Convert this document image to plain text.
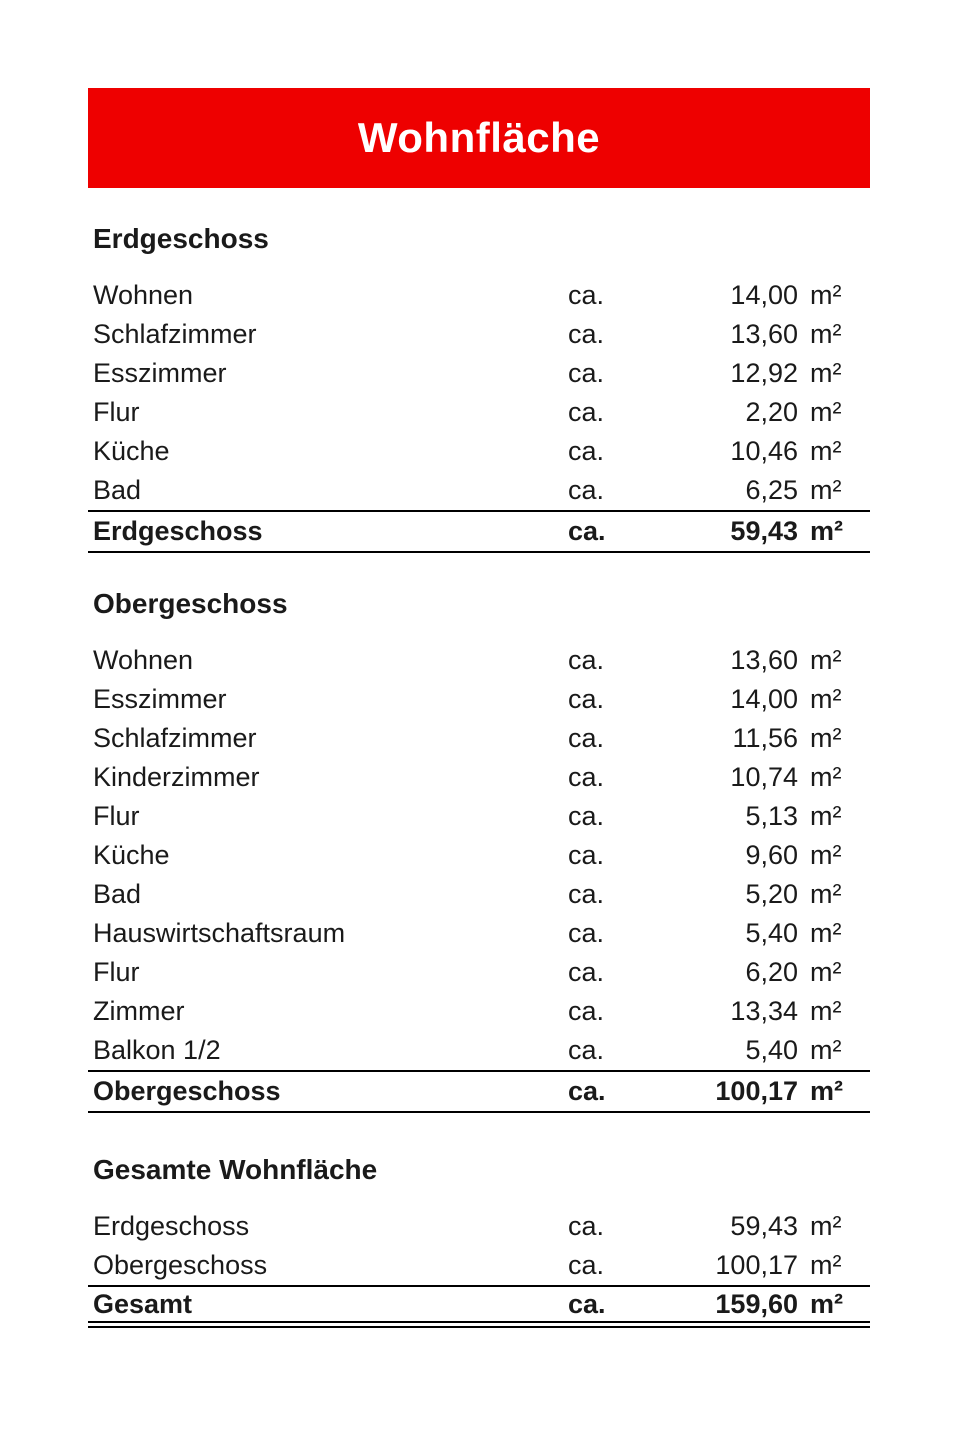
Wohnfläche
Erdgeschoss
Wohnen	ca.	14,00 m²
Schlafzimmer	ca.	13,60 m²
Esszimmer	ca.	12,92 m²
Flur	ca.	2,20 m²
Küche	ca.	10,46 m²
Bad	ca.	6,25 m²
Erdgeschoss	ca.	59,43 m²
Obergeschoss
Wohnen	ca.	13,60 m²
Esszimmer	ca.	14,00 m²
Schlafzimmer	ca.	11,56 m²
Kinderzimmer	ca.	10,74 m²
Flur	ca.	5,13 m²
Küche	ca.	9,60 m²
Bad	ca.	5,20 m²
Hauswirtschaftsraum	ca.	5,40 m²
Flur	ca.	6,20 m²
Zimmer	ca.	13,34 m²
Balkon 1/2	ca.	5,40 m²
Obergeschoss	ca.	100,17 m²
Gesamte Wohnfläche
Erdgeschoss	ca.	59,43 m²
Obergeschoss	ca.	100,17 m²
Gesamt	ca.	159,60 m²
